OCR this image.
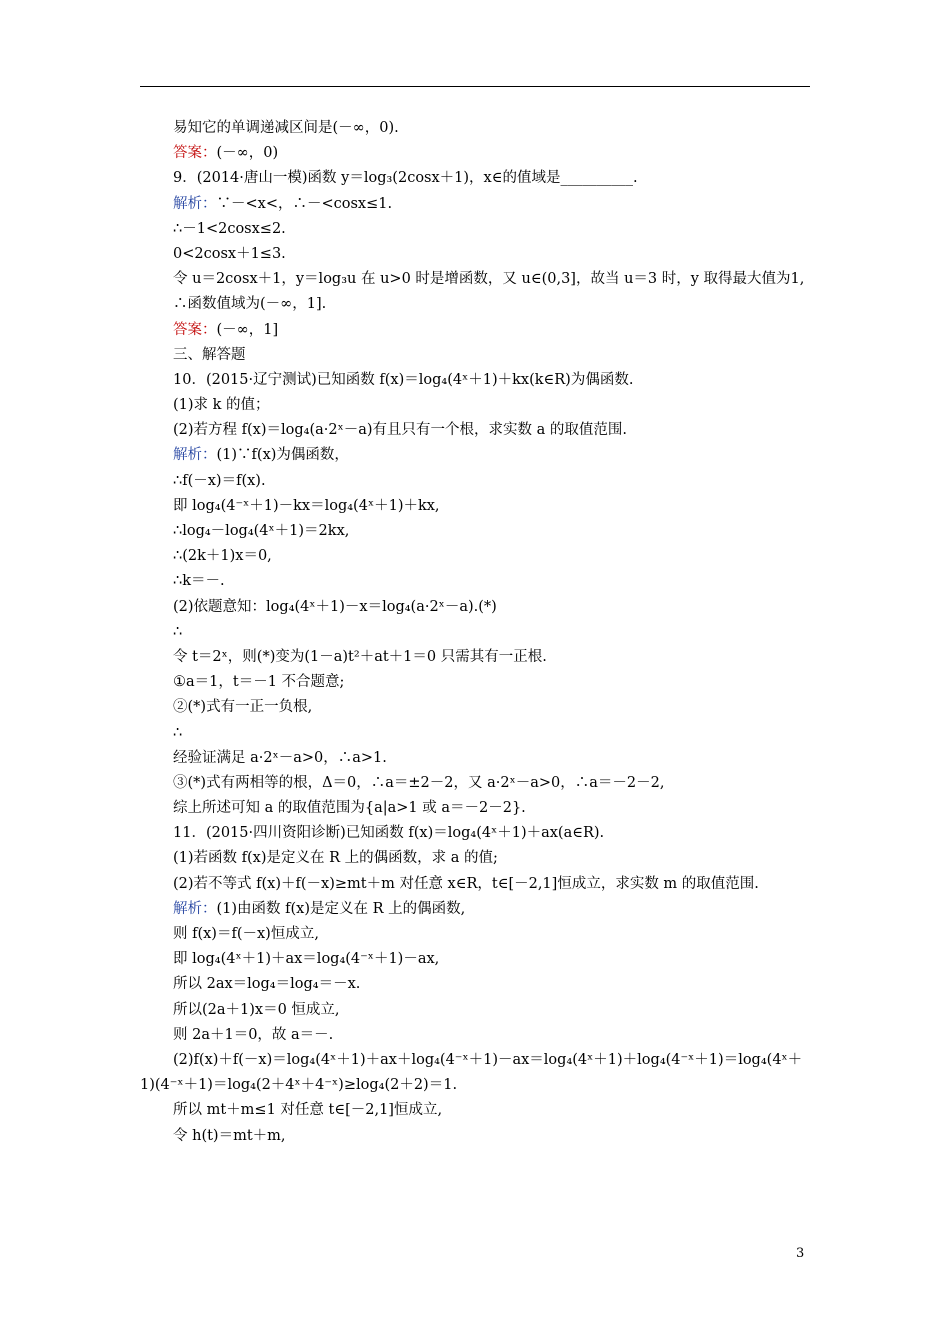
易知它的单调递减区间是(－∞，0).
答案：(－∞，0)
9．(2014·唐山一模)函数 y＝log₃(2cosx＋1)，x∈的值域是__________.
解析：∵－<x<，∴－<cosx≤1.
∴－1<2cosx≤2.
0<2cosx＋1≤3.
令 u＝2cosx＋1，y＝log₃u 在 u>0 时是增函数，又 u∈(0,3]，故当 u＝3 时，y 取得最大值为1,
∴函数值域为(－∞，1].
答案：(－∞，1]
三、解答题
10．(2015·辽宁测试)已知函数 f(x)＝log₄(4ˣ＋1)＋kx(k∈R)为偶函数.
(1)求 k 的值；
(2)若方程 f(x)＝log₄(a·2ˣ－a)有且只有一个根，求实数 a 的取值范围.
解析：(1)∵f(x)为偶函数，
∴f(－x)＝f(x).
即 log₄(4⁻ˣ＋1)－kx＝log₄(4ˣ＋1)＋kx,
∴log₄－log₄(4ˣ＋1)＝2kx,
∴(2k＋1)x＝0,
∴k＝－.
(2)依题意知：log₄(4ˣ＋1)－x＝log₄(a·2ˣ－a).(*)
∴
令 t＝2ˣ，则(*)变为(1－a)t²＋at＋1＝0 只需其有一正根.
①a＝1，t＝－1 不合题意;
②(*)式有一正一负根,
∴
经验证满足 a·2ˣ－a>0，∴a>1.
③(*)式有两相等的根，Δ＝0，∴a＝±2－2，又 a·2ˣ－a>0，∴a＝－2－2,
综上所述可知 a 的取值范围为{a|a>1 或 a＝－2－2}.
11．(2015·四川资阳诊断)已知函数 f(x)＝log₄(4ˣ＋1)＋ax(a∈R).
(1)若函数 f(x)是定义在 R 上的偶函数，求 a 的值;
(2)若不等式 f(x)＋f(－x)≥mt＋m 对任意 x∈R，t∈[－2,1]恒成立，求实数 m 的取值范围.
解析：(1)由函数 f(x)是定义在 R 上的偶函数,
则 f(x)＝f(－x)恒成立,
即 log₄(4ˣ＋1)＋ax＝log₄(4⁻ˣ＋1)－ax,
所以 2ax＝log₄＝log₄＝－x.
所以(2a＋1)x＝0 恒成立,
则 2a＋1＝0，故 a＝－.
(2)f(x)＋f(－x)＝log₄(4ˣ＋1)＋ax＋log₄(4⁻ˣ＋1)－ax＝log₄(4ˣ＋1)＋log₄(4⁻ˣ＋1)＝log₄(4ˣ＋1)(4⁻ˣ＋1)＝log₄(2＋4ˣ＋4⁻ˣ)≥log₄(2＋2)＝1.
所以 mt＋m≤1 对任意 t∈[－2,1]恒成立,
令 h(t)＝mt＋m,
3
